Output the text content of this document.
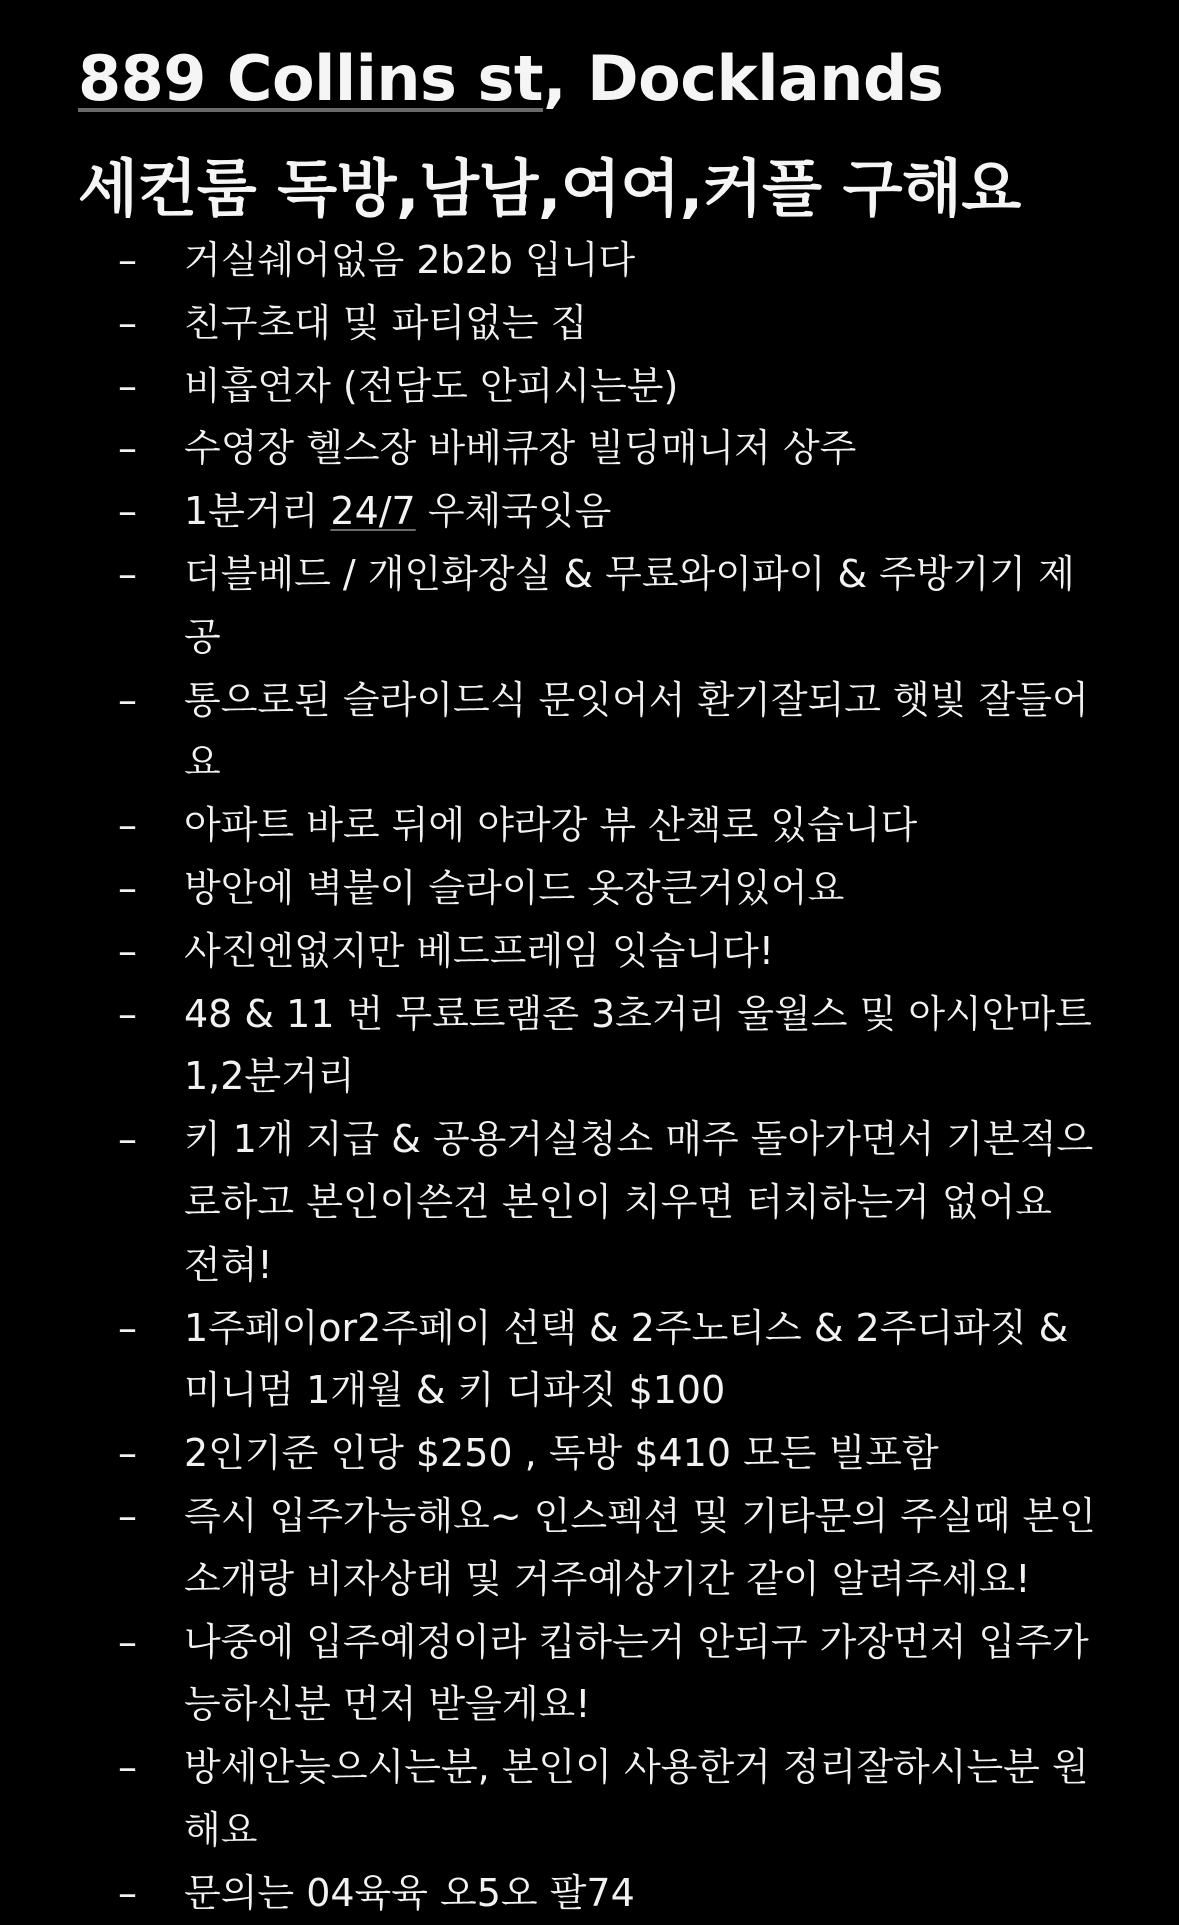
889 Collins st, Docklands
세컨룸 독방,남남,여여,커플 구해요
–	거실쉐어없음 2b2b 입니다
–	친구초대 및 파티없는 집
–	비흡연자 (전담도 안피시는분)
–	수영장 헬스장 바베큐장 빌딩매니저 상주
–	1분거리 24/7 우체국잇음
–	더블베드 / 개인화장실 & 무료와이파이 & 주방기기 제공
–	통으로된 슬라이드식 문잇어서 환기잘되고 햇빛 잘들어요
–	아파트 바로 뒤에 야라강 뷰 산책로 있습니다
–	방안에 벽붙이 슬라이드 옷장큰거있어요
–	사진엔없지만 베드프레임 잇습니다!
–	48 & 11 번 무료트램존 3초거리 울월스 및 아시안마트 1,2분거리
–	키 1개 지급 & 공용거실청소 매주 돌아가면서 기본적으로하고 본인이쓴건 본인이 치우면 터치하는거 없어요 전혀!
–	1주페이or2주페이 선택 & 2주노티스 & 2주디파짓 & 미니멈 1개월 & 키 디파짓 $100
–	2인기준 인당 $250 , 독방 $410 모든 빌포함
–	즉시 입주가능해요~ 인스펙션 및 기타문의 주실때 본인소개랑 비자상태 및 거주예상기간 같이 알려주세요!
–	나중에 입주예정이라 킵하는거 안되구 가장먼저 입주가능하신분 먼저 받을게요!
–	방세안늦으시는분, 본인이 사용한거 정리잘하시는분 원해요
–	문의는 04육육 오5오 팔74
